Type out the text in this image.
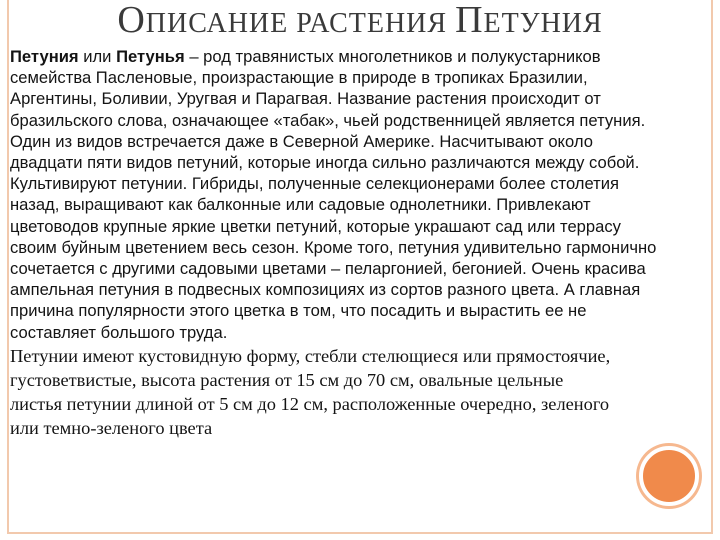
ОПИСАНИЕ РАСТЕНИЯ ПЕТУНИЯ

Петуния или Петунья – род травянистых многолетников и полукустарников

семейства Пасленовые, произрастающие в природе в тропиках Бразилии,

Аргентины, Боливии, Уругвая и Парагвая. Название растения происходит от

бразильского слова, означающее «табак», чьей родственницей является петуния.

Один из видов встречается даже в Северной Америке. Насчитывают около

двадцати пяти видов петуний, которые иногда сильно различаются между собой.

Культивируют петунии. Гибриды, полученные селекционерами более столетия

назад, выращивают как балконные или садовые однолетники. Привлекают

цветоводов крупные яркие цветки петуний, которые украшают сад или террасу

своим буйным цветением весь сезон. Кроме того, петуния удивительно гармонично

сочетается с другими садовыми цветами – пеларгонией, бегонией. Очень красива

ампельная петуния в подвесных композициях из сортов разного цвета. А главная

причина популярности этого цветка в том, что посадить и вырастить ее не

составляет большого труда.

Петунии имеют кустовидную форму, стебли стелющиеся или прямостоячие,

густоветвистые, высота растения от 15 см до 70 см, овальные цельные

листья петунии длиной от 5 см до 12 см, расположенные очередно, зеленого

или темно-зеленого цвета
